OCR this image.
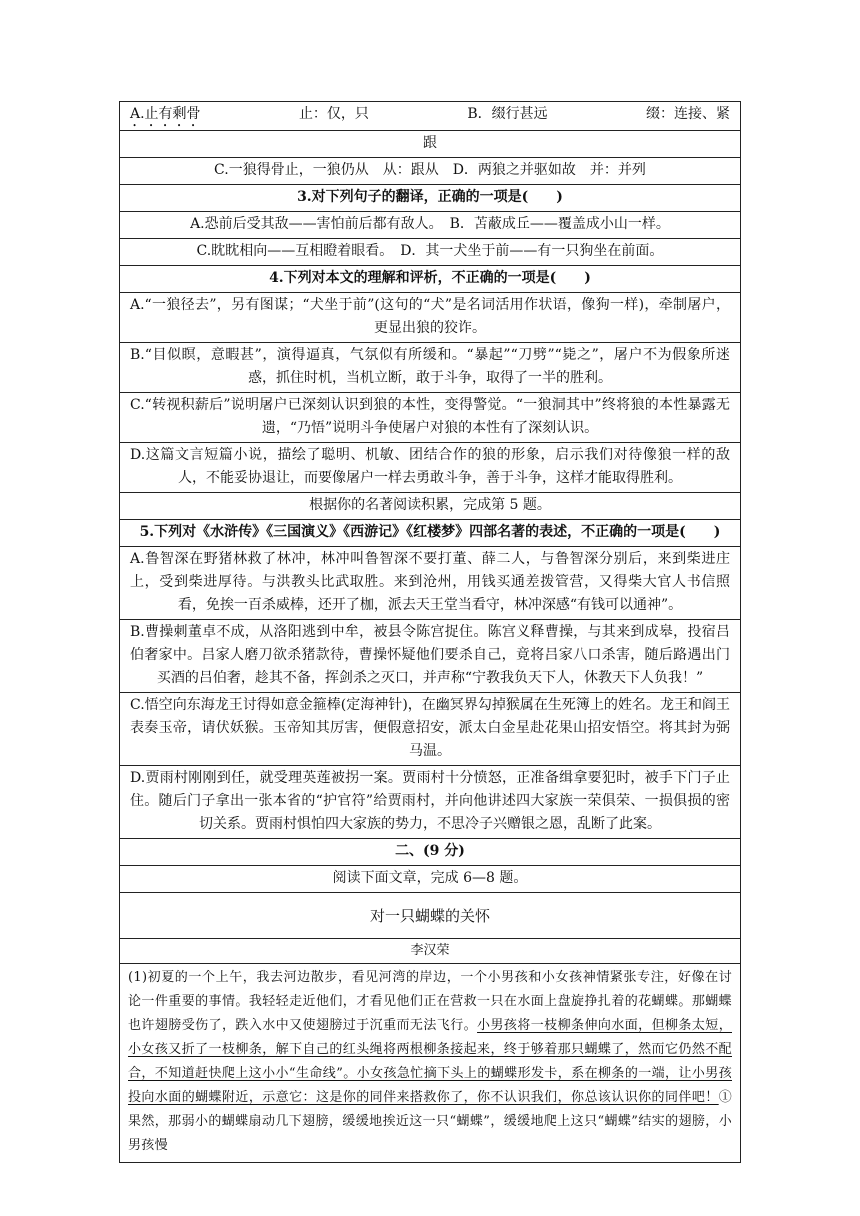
A.止有剩骨	止：仅，只	B．缀行甚远	缀：连接、紧
跟
C.一狼得骨止，一狼仍从　从：跟从　D．两狼之并驱如故　并：并列
3.对下列句子的翻译，正确的一项是(　　)
A.恐前后受其敌——害怕前后都有敌人。　B．苫蔽成丘——覆盖成小山一样。
C.眈眈相向——互相瞪着眼看。　D．其一犬坐于前——有一只狗坐在前面。
4.下列对本文的理解和评析，不正确的一项是(　　)
A.“一狼径去”，另有图谋；“犬坐于前”(这句的“犬”是名词活用作状语，像狗一样)，牵制屠户，更显出狼的狡诈。
B.“目似瞑，意暇甚”，演得逼真，气氛似有所缓和。“暴起”“刀劈”“毙之”，屠户不为假象所迷惑，抓住时机，当机立断，敢于斗争，取得了一半的胜利。
C.“转视积薪后”说明屠户已深刻认识到狼的本性，变得警觉。“一狼洞其中”终将狼的本性暴露无遗，“乃悟”说明斗争使屠户对狼的本性有了深刻认识。
D.这篇文言短篇小说，描绘了聪明、机敏、团结合作的狼的形象，启示我们对待像狼一样的敌人，不能妥协退让，而要像屠户一样去勇敢斗争，善于斗争，这样才能取得胜利。
根据你的名著阅读积累，完成第 5 题。
5.下列对《水浒传》《三国演义》《西游记》《红楼梦》四部名著的表述，不正确的一项是(　　)
A.鲁智深在野猪林救了林冲，林冲叫鲁智深不要打董、薛二人，与鲁智深分别后，来到柴进庄上，受到柴进厚待。与洪教头比武取胜。来到沧州，用钱买通差拨管营，又得柴大官人书信照看，免挨一百杀威棒，还开了枷，派去天王堂当看守，林冲深感“有钱可以通神”。
B.曹操刺董卓不成，从洛阳逃到中牟，被县令陈宫捉住。陈宫义释曹操，与其来到成皋，投宿吕伯奢家中。吕家人磨刀欲杀猪款待，曹操怀疑他们要杀自己，竟将吕家八口杀害，随后路遇出门买酒的吕伯奢，趁其不备，挥剑杀之灭口，并声称“宁教我负天下人，休教天下人负我！”
C.悟空向东海龙王讨得如意金箍棒(定海神针)，在幽冥界勾掉猴属在生死簿上的姓名。龙王和阎王表奏玉帝，请伏妖猴。玉帝知其厉害，便假意招安，派太白金星赴花果山招安悟空。将其封为弼马温。
D.贾雨村刚刚到任，就受理英莲被拐一案。贾雨村十分愤怒，正准备缉拿要犯时，被手下门子止住。随后门子拿出一张本省的“护官符”给贾雨村，并向他讲述四大家族一荣俱荣、一损俱损的密切关系。贾雨村惧怕四大家族的势力，不思冷子兴赠银之恩，乱断了此案。
二、(9 分)
阅读下面文章，完成 6—8 题。
对一只蝴蝶的关怀
李汉荣
(1)初夏的一个上午，我去河边散步，看见河湾的岸边，一个小男孩和小女孩神情紧张专注，好像在讨论一件重要的事情。我轻轻走近他们，才看见他们正在营救一只在水面上盘旋挣扎着的花蝴蝶。那蝴蝶也许翅膀受伤了，跌入水中又使翅膀过于沉重而无法飞行。小男孩将一枝柳条伸向水面，但柳条太短，小女孩又折了一枝柳条，解下自己的红头绳将两根柳条接起来，终于够着那只蝴蝶了，然而它仍然不配合，不知道赶快爬上这小小“生命线”。小女孩急忙摘下头上的蝴蝶形发卡，系在柳条的一端，让小男孩投向水面的蝴蝶附近，示意它：这是你的同伴来搭救你了，你不认识我们，你总该认识你的同伴吧！①果然，那弱小的蝴蝶扇动几下翅膀，缓缓地挨近这一只“蝴蝶”，缓缓地爬上这只“蝴蝶”结实的翅膀，小男孩慢
